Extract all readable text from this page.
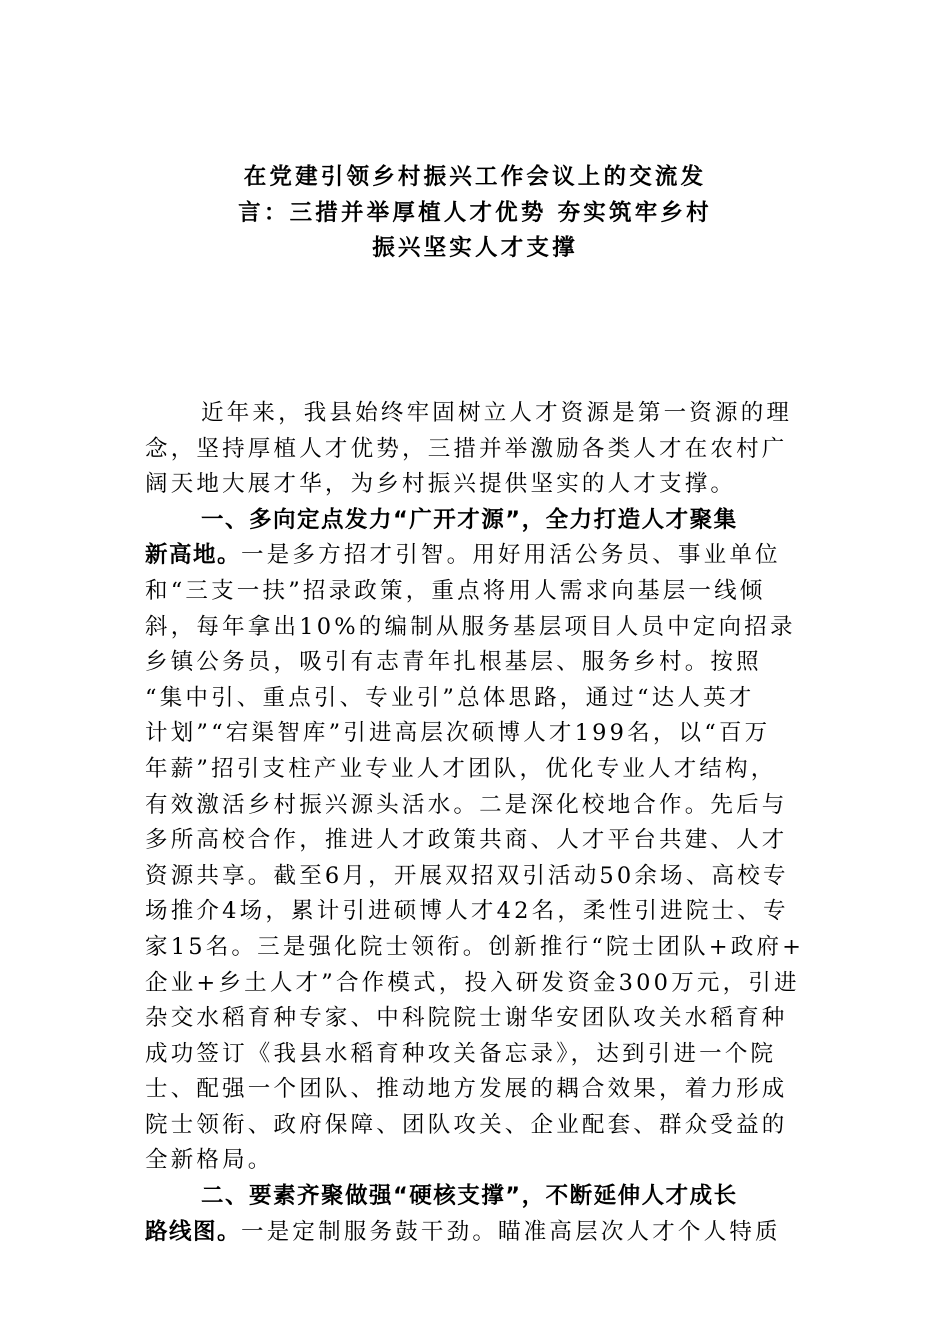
在党建引领乡村振兴工作会议上的交流发
言：三措并举厚植人才优势 夯实筑牢乡村
振兴坚实人才支撑
近年来，我县始终牢固树立人才资源是第一资源的理
念，坚持厚植人才优势，三措并举激励各类人才在农村广
阔天地大展才华，为乡村振兴提供坚实的人才支撑。
一、多向定点发力“广开才源”，全力打造人才聚集
新高地。一是多方招才引智。用好用活公务员、事业单位
和“三支一扶”招录政策，重点将用人需求向基层一线倾
斜，每年拿出10%的编制从服务基层项目人员中定向招录
乡镇公务员，吸引有志青年扎根基层、服务乡村。按照
“集中引、重点引、专业引”总体思路，通过“达人英才
计划”“宕渠智库”引进高层次硕博人才199名，以“百万
年薪”招引支柱产业专业人才团队，优化专业人才结构，
有效激活乡村振兴源头活水。二是深化校地合作。先后与
多所高校合作，推进人才政策共商、人才平台共建、人才
资源共享。截至6月，开展双招双引活动50余场、高校专
场推介4场，累计引进硕博人才42名，柔性引进院士、专
家15名。三是强化院士领衔。创新推行“院士团队+政府+
企业+乡土人才”合作模式，投入研发资金300万元，引进
杂交水稻育种专家、中科院院士谢华安团队攻关水稻育种
成功签订《我县水稻育种攻关备忘录》，达到引进一个院
士、配强一个团队、推动地方发展的耦合效果，着力形成
院士领衔、政府保障、团队攻关、企业配套、群众受益的
全新格局。
二、要素齐聚做强“硬核支撑”，不断延伸人才成长
路线图。一是定制服务鼓干劲。瞄准高层次人才个人特质
